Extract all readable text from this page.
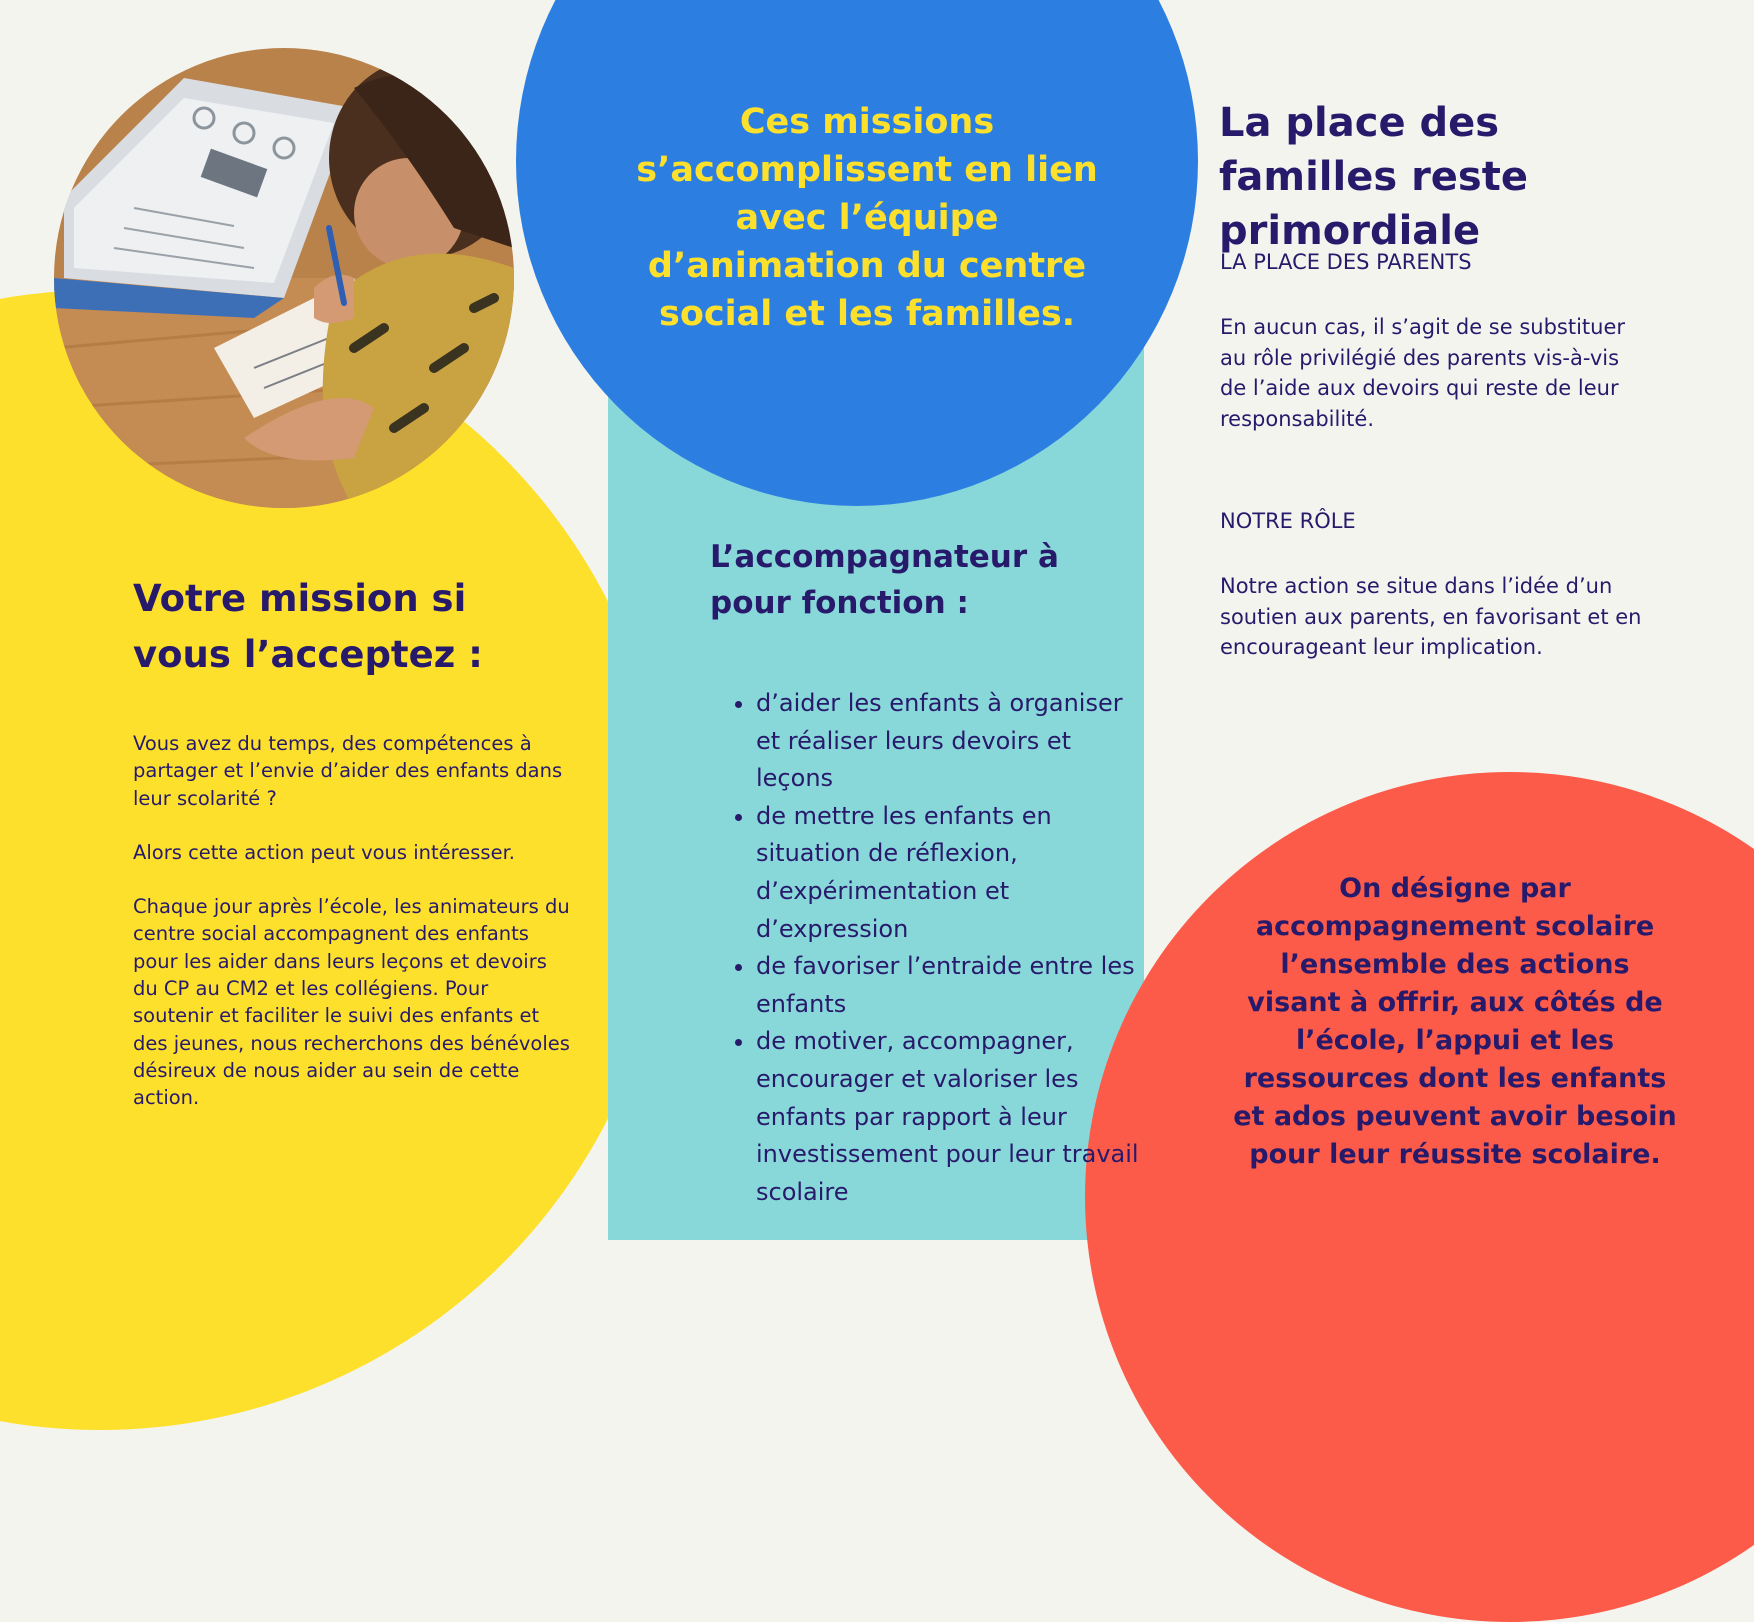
Ces missions s’accomplissent en lien avec l’équipe d’animation du centre social et les familles.
La place des familles reste primordiale
LA PLACE DES PARENTS
En aucun cas, il s’agit de se substituer au rôle privilégié des parents vis-à-vis de l’aide aux devoirs qui reste de leur responsabilité.
NOTRE RÔLE
Notre action se situe dans l’idée d’un soutien aux parents, en favorisant et en encourageant leur implication.
Votre mission si vous l’acceptez :

Vous avez du temps, des compétences à partager et l’envie d’aider des enfants dans leur scolarité ?

Alors cette action peut vous intéresser.

Chaque jour après l’école, les animateurs du centre social accompagnent des enfants pour les aider dans leurs leçons et devoirs du CP au CM2 et les collégiens. Pour soutenir et faciliter le suivi des enfants et des jeunes, nous recherchons des bénévoles désireux de nous aider au sein de cette action.

L’accompagnateur à pour fonction :
• d’aider les enfants à organiser et réaliser leurs devoirs et leçons
• de mettre les enfants en situation de réflexion, d’expérimentation et d’expression
• de favoriser l’entraide entre les enfants
• de motiver, accompagner, encourager et valoriser les enfants par rapport à leur investissement pour leur travail scolaire
On désigne par accompagnement scolaire l’ensemble des actions visant à offrir, aux côtés de l’école, l’appui et les ressources dont les enfants et ados peuvent avoir besoin pour leur réussite scolaire.
